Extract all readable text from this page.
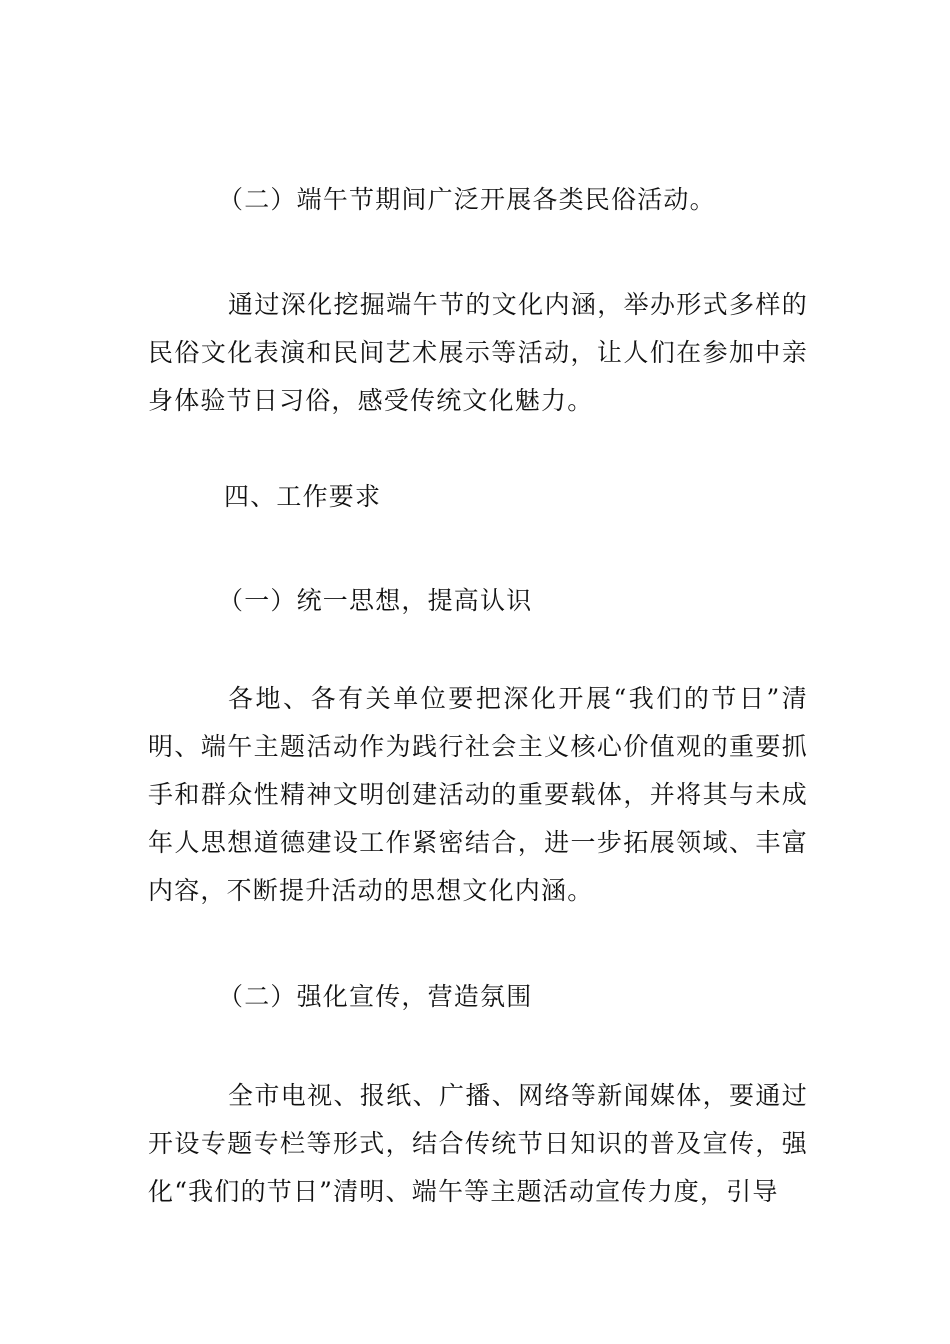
（二）端午节期间广泛开展各类民俗活动。
通过深化挖掘端午节的文化内涵，举办形式多样的民俗文化表演和民间艺术展示等活动，让人们在参加中亲身体验节日习俗，感受传统文化魅力。
四、工作要求
（一）统一思想，提高认识
各地、各有关单位要把深化开展“我们的节日”清明、端午主题活动作为践行社会主义核心价值观的重要抓手和群众性精神文明创建活动的重要载体，并将其与未成年人思想道德建设工作紧密结合，进一步拓展领域、丰富内容，不断提升活动的思想文化内涵。
（二）强化宣传，营造氛围
全市电视、报纸、广播、网络等新闻媒体，要通过开设专题专栏等形式，结合传统节日知识的普及宣传，强化“我们的节日”清明、端午等主题活动宣传力度，引导
